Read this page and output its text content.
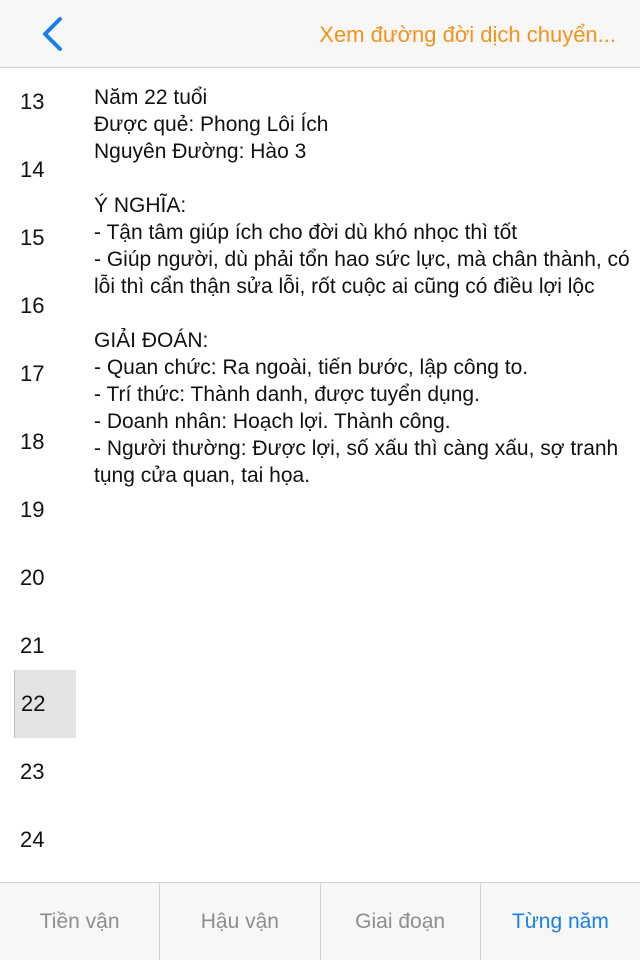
Xem đường đời dịch chuyển...
13
14
15
16
17
18
19
20
21
22
23
24

Năm 22 tuổi

Được quẻ: Phong Lôi Ích

Nguyên Đường: Hào 3

Ý NGHĨA:

- Tận tâm giúp ích cho đời dù khó nhọc thì tốt

- Giúp người, dù phải tổn hao sức lực, mà chân thành, có lỗi thì cẩn thận sửa lỗi, rốt cuộc ai cũng có điều lợi lộc

GIẢI ĐOÁN:

- Quan chức: Ra ngoài, tiến bước, lập công to.

- Trí thức: Thành danh, được tuyển dụng.

- Doanh nhân: Hoạch lợi. Thành công.

- Người thường: Được lợi, số xấu thì càng xấu, sợ tranh tụng cửa quan, tai họa.

Tiền vận	Hậu vận	Giai đoạn	Từng năm
